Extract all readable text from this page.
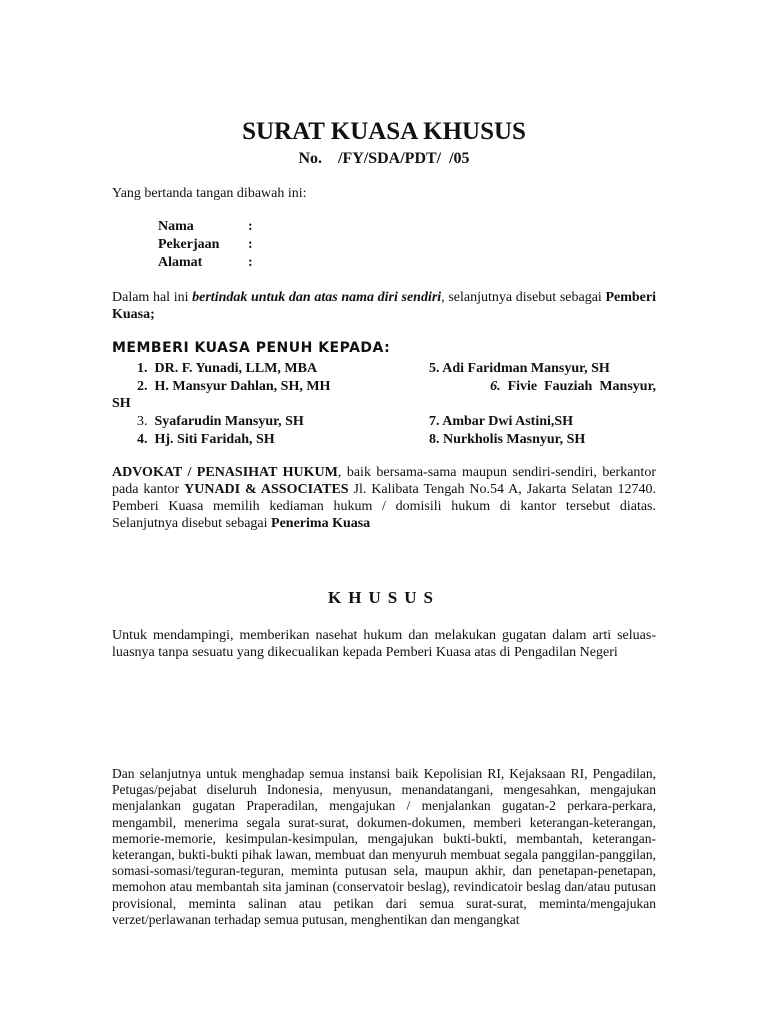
SURAT KUASA KHUSUS
No.    /FY/SDA/PDT/  /05
Yang bertanda tangan dibawah ini:
Nama	:
Pekerjaan	:
Alamat	:
Dalam hal ini bertindak untuk dan atas nama diri sendiri, selanjutnya disebut sebagai Pemberi Kuasa;
MEMBERI KUASA PENUH KEPADA:
1. DR. F. Yunadi, LLM, MBA	5. Adi Faridman Mansyur, SH
2. H. Mansyur Dahlan, SH, MH	6. Fivie  Fauziah  Mansyur,
SH
3. Syafarudin Mansyur, SH	7. Ambar Dwi Astini,SH
4. Hj. Siti Faridah, SH	8. Nurkholis Masnyur, SH
ADVOKAT / PENASIHAT HUKUM, baik bersama-sama maupun sendiri-sendiri, berkantor pada kantor YUNADI & ASSOCIATES Jl. Kalibata Tengah No.54 A, Jakarta Selatan 12740. Pemberi Kuasa memilih kediaman hukum / domisili hukum di kantor tersebut diatas. Selanjutnya disebut sebagai Penerima Kuasa
KHUSUS
Untuk mendampingi, memberikan nasehat hukum dan melakukan gugatan dalam arti seluas-luasnya tanpa sesuatu yang dikecualikan kepada Pemberi Kuasa atas di Pengadilan Negeri
Dan selanjutnya untuk menghadap semua instansi baik Kepolisian RI, Kejaksaan RI, Pengadilan, Petugas/pejabat diseluruh Indonesia, menyusun, menandatangani, mengesahkan, mengajukan menjalankan gugatan Praperadilan, mengajukan / menjalankan gugatan-2 perkara-perkara, mengambil, menerima segala surat-surat, dokumen-dokumen, memberi keterangan-keterangan, memorie-memorie, kesimpulan-kesimpulan, mengajukan bukti-bukti, membantah, keterangan-keterangan, bukti-bukti pihak lawan, membuat dan menyuruh membuat segala panggilan-panggilan, somasi-somasi/teguran-teguran, meminta putusan sela, maupun akhir, dan penetapan-penetapan, memohon atau membantah sita jaminan (conservatoir beslag), revindicatoir beslag dan/atau putusan provisional, meminta salinan atau petikan dari semua surat-surat, meminta/mengajukan verzet/perlawanan terhadap semua putusan, menghentikan dan mengangkat
